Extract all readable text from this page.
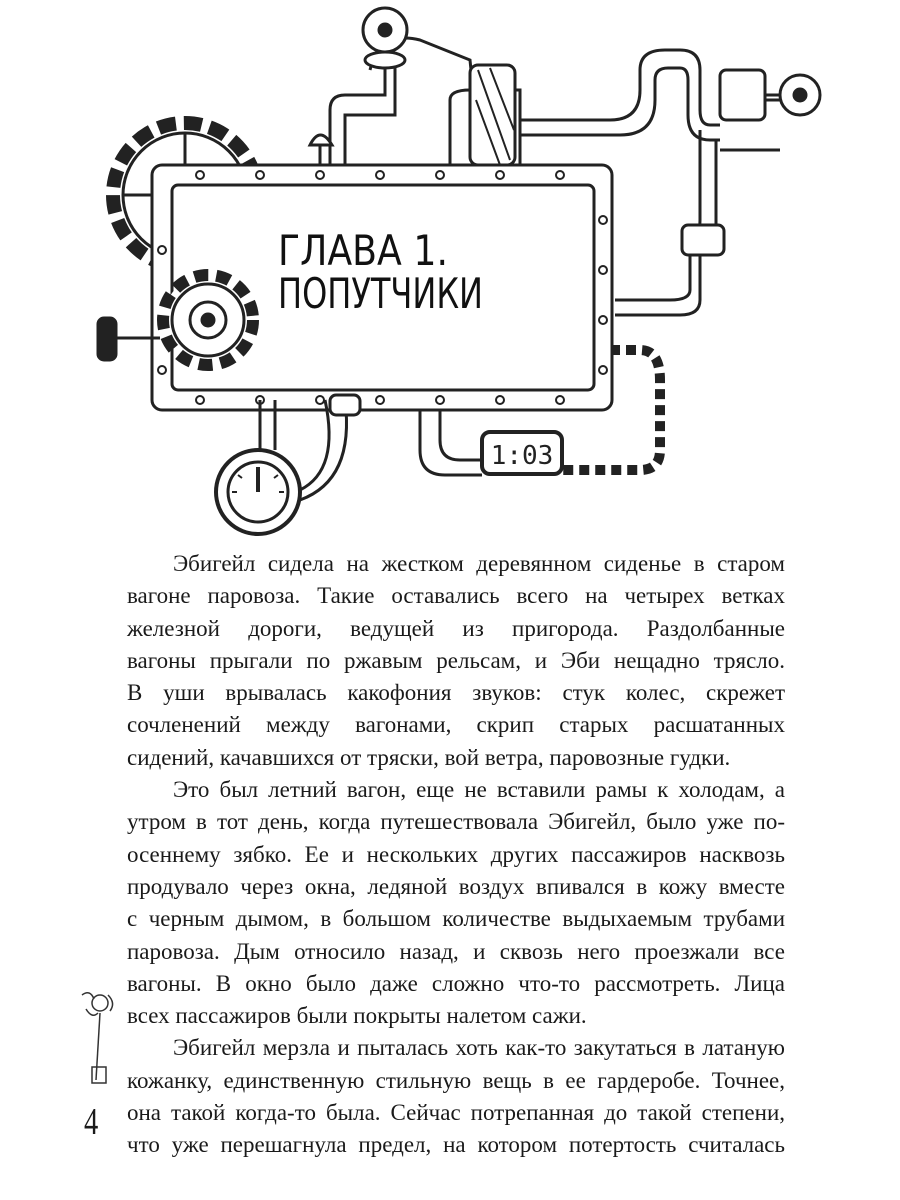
1:03
ГЛАВА 1.
ПОПУТЧИКИ
Эбигейл сидела на жестком деревянном сиденье в старом
вагоне паровоза. Такие оставались всего на четырех ветках
железной дороги, ведущей из пригорода. Раздолбанные
вагоны прыгали по ржавым рельсам, и Эби нещадно трясло.
В уши врывалась какофония звуков: стук колес, скрежет
сочленений между вагонами, скрип старых расшатанных
сидений, качавшихся от тряски, вой ветра, паровозные гудки.
Это был летний вагон, еще не вставили рамы к холодам, а
утром в тот день, когда путешествовала Эбигейл, было уже по-
осеннему зябко. Ее и нескольких других пассажиров насквозь
продувало через окна, ледяной воздух впивался в кожу вместе
с черным дымом, в большом количестве выдыхаемым трубами
паровоза. Дым относило назад, и сквозь него проезжали все
вагоны. В окно было даже сложно что-то рассмотреть. Лица
всех пассажиров были покрыты налетом сажи.
Эбигейл мерзла и пыталась хоть как-то закутаться в латаную
кожанку, единственную стильную вещь в ее гардеробе. Точнее,
она такой когда-то была. Сейчас потрепанная до такой степени,
что уже перешагнула предел, на котором потертость считалась
4
